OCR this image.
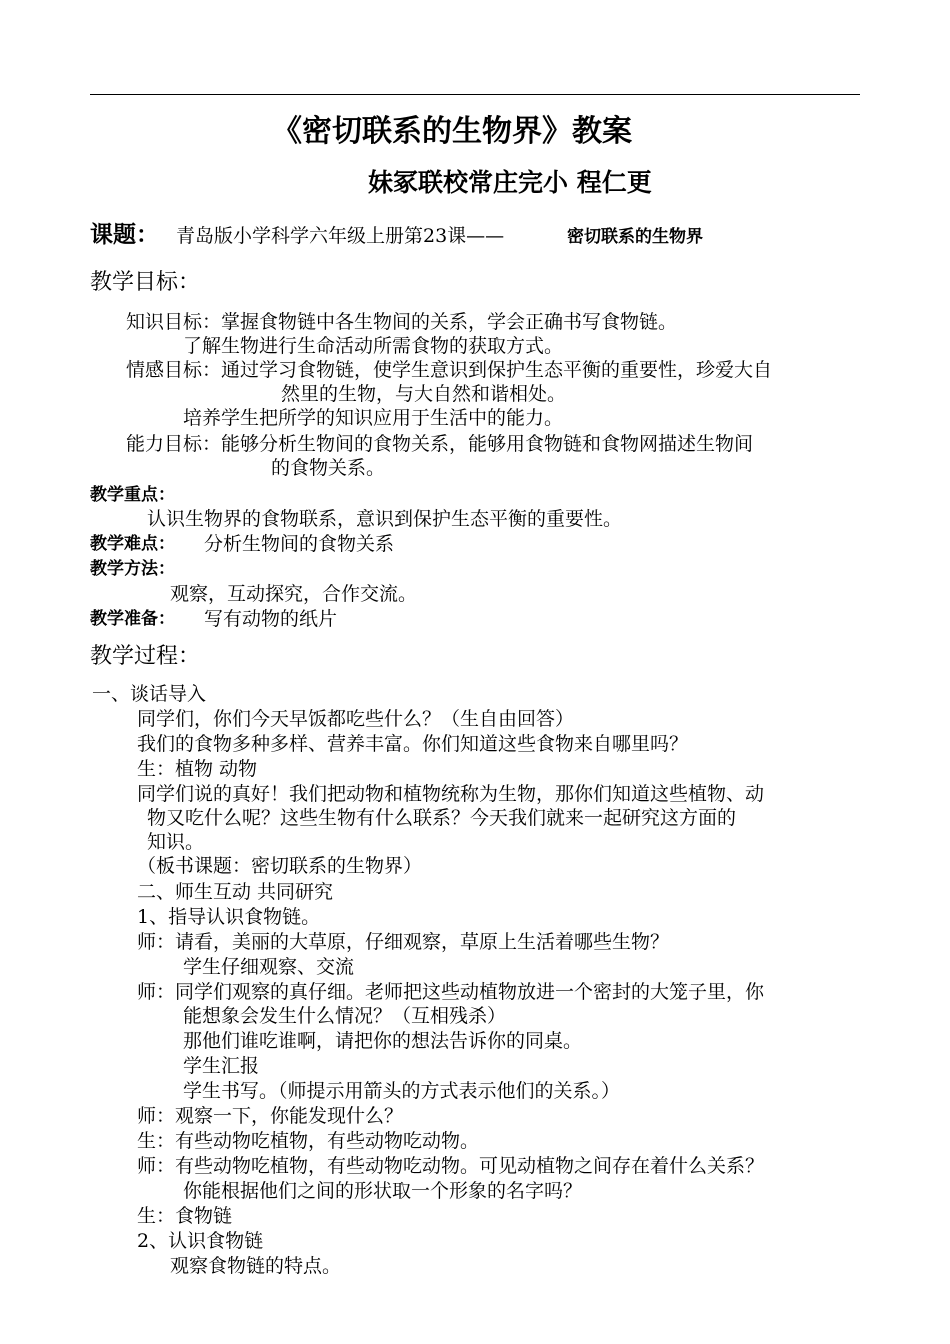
《密切联系的生物界》教案
妹冢联校常庄完小 程仁更
课题： 青岛版小学科学六年级上册第23课——	密切联系的生物界
教学目标：
知识目标：掌握食物链中各生物间的关系，学会正确书写食物链。
了解生物进行生命活动所需食物的获取方式。
情感目标：通过学习食物链，使学生意识到保护生态平衡的重要性，珍爱大自
然里的生物，与大自然和谐相处。
培养学生把所学的知识应用于生活中的能力。
能力目标：能够分析生物间的食物关系，能够用食物链和食物网描述生物间
的食物关系。
教学重点：
认识生物界的食物联系，意识到保护生态平衡的重要性。
教学难点： 分析生物间的食物关系
教学方法：
观察，互动探究，合作交流。
教学准备： 写有动物的纸片
教学过程：
一、谈话导入
同学们，你们今天早饭都吃些什么？（生自由回答）
我们的食物多种多样、营养丰富。你们知道这些食物来自哪里吗？
生：植物 动物
同学们说的真好！我们把动物和植物统称为生物，那你们知道这些植物、动
物又吃什么呢？这些生物有什么联系？今天我们就来一起研究这方面的
知识。
（板书课题：密切联系的生物界）
二、师生互动 共同研究
1、指导认识食物链。
师：请看，美丽的大草原，仔细观察，草原上生活着哪些生物？
学生仔细观察、交流
师：同学们观察的真仔细。老师把这些动植物放进一个密封的大笼子里，你
能想象会发生什么情况？（互相残杀）
那他们谁吃谁啊，请把你的想法告诉你的同桌。
学生汇报
学生书写。（师提示用箭头的方式表示他们的关系。）
师：观察一下，你能发现什么？
生：有些动物吃植物，有些动物吃动物。
师：有些动物吃植物，有些动物吃动物。可见动植物之间存在着什么关系？
你能根据他们之间的形状取一个形象的名字吗？
生：食物链
2、认识食物链
观察食物链的特点。
